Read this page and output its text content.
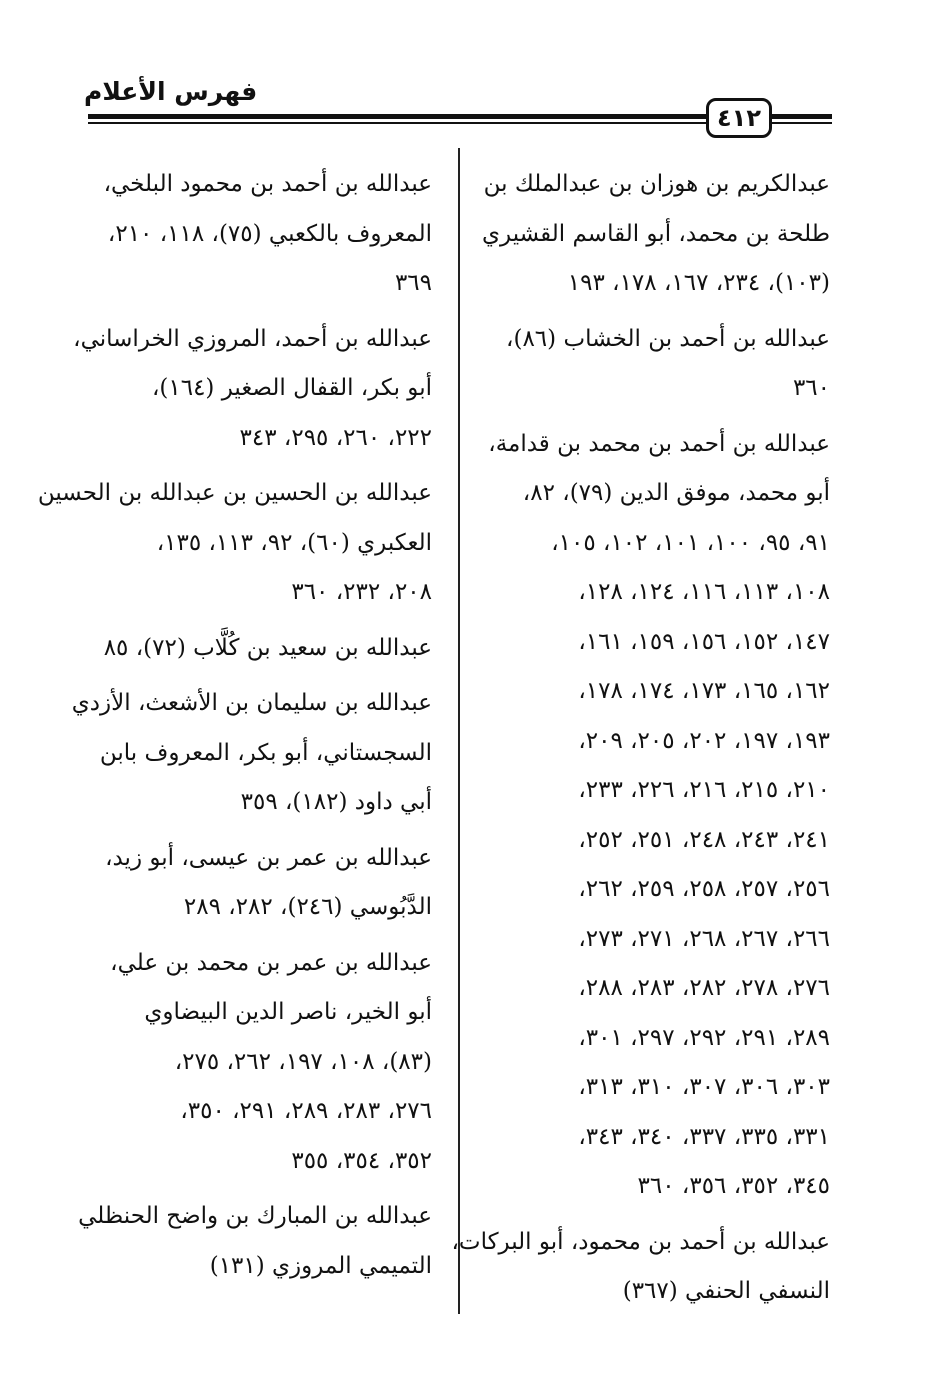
فهرس الأعلام
٤١٢
عبدالكريم بن هوزان بن عبدالملك بن
طلحة بن محمد، أبو القاسم القشيري
(١٠٣)، ٢٣٤، ١٦٧، ١٧٨، ١٩٣
عبدالله بن أحمد بن الخشاب (٨٦)،
٣٦٠
عبدالله بن أحمد بن محمد بن قدامة،
أبو محمد، موفق الدين (٧٩)، ٨٢،
٩١، ٩٥، ١٠٠، ١٠١، ١٠٢، ١٠٥،
١٠٨، ١١٣، ١١٦، ١٢٤، ١٢٨،
١٤٧، ١٥٢، ١٥٦، ١٥٩، ١٦١،
١٦٢، ١٦٥، ١٧٣، ١٧٤، ١٧٨،
١٩٣، ١٩٧، ٢٠٢، ٢٠٥، ٢٠٩،
٢١٠، ٢١٥، ٢١٦، ٢٢٦، ٢٣٣،
٢٤١، ٢٤٣، ٢٤٨، ٢٥١، ٢٥٢،
٢٥٦، ٢٥٧، ٢٥٨، ٢٥٩، ٢٦٢،
٢٦٦، ٢٦٧، ٢٦٨، ٢٧١، ٢٧٣،
٢٧٦، ٢٧٨، ٢٨٢، ٢٨٣، ٢٨٨،
٢٨٩، ٢٩١، ٢٩٢، ٢٩٧، ٣٠١،
٣٠٣، ٣٠٦، ٣٠٧، ٣١٠، ٣١٣،
٣٣١، ٣٣٥، ٣٣٧، ٣٤٠، ٣٤٣،
٣٤٥، ٣٥٢، ٣٥٦، ٣٦٠
عبدالله بن أحمد بن محمود، أبو البركات،
النسفي الحنفي (٣٦٧)
عبدالله بن أحمد بن محمود البلخي،
المعروف بالكعبي (٧٥)، ١١٨، ٢١٠،
٣٦٩
عبدالله بن أحمد، المروزي الخراساني،
أبو بكر، القفال الصغير (١٦٤)،
٢٢٢، ٢٦٠، ٢٩٥، ٣٤٣
عبدالله بن الحسين بن عبدالله بن الحسين
العكبري (٦٠)، ٩٢، ١١٣، ١٣٥،
٢٠٨، ٢٣٢، ٣٦٠
عبدالله بن سعيد بن كُلَّاب (٧٢)، ٨٥
عبدالله بن سليمان بن الأشعث، الأزدي
السجستاني، أبو بكر، المعروف بابن
أبي داود (١٨٢)، ٣٥٩
عبدالله بن عمر بن عيسى، أبو زيد،
الدَّبُوسي (٢٤٦)، ٢٨٢، ٢٨٩
عبدالله بن عمر بن محمد بن علي،
أبو الخير، ناصر الدين البيضاوي
(٨٣)، ١٠٨، ١٩٧، ٢٦٢، ٢٧٥،
٢٧٦، ٢٨٣، ٢٨٩، ٢٩١، ٣٥٠،
٣٥٢، ٣٥٤، ٣٥٥
عبدالله بن المبارك بن واضح الحنظلي
التميمي المروزي (١٣١)
